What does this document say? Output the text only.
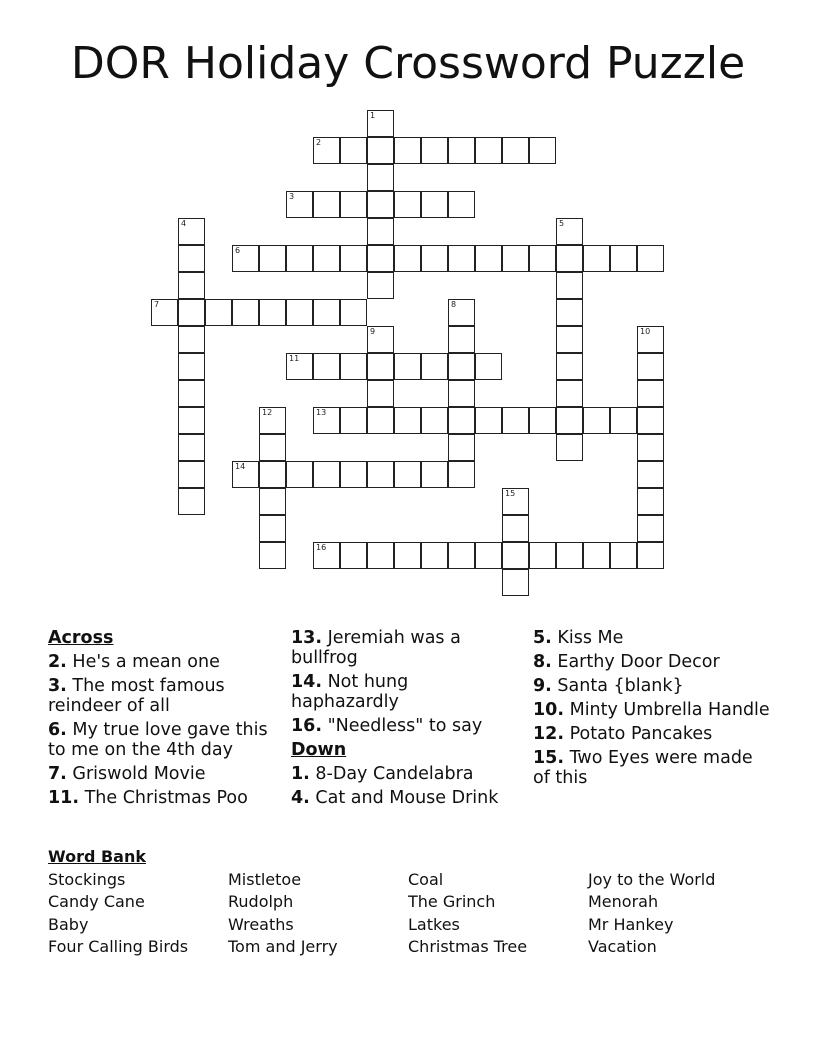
DOR Holiday Crossword Puzzle
1
2
3
4	5
6
7	8
9	10
11
12	13
14
15
16
Across
2. He's a mean one
3. The most famous reindeer of all
6. My true love gave this to me on the 4th day
7. Griswold Movie
11. The Christmas Poo
13. Jeremiah was a bullfrog
14. Not hung haphazardly
16. "Needless" to say
Down
1. 8-Day Candelabra
4. Cat and Mouse Drink
5. Kiss Me
8. Earthy Door Decor
9. Santa {blank}
10. Minty Umbrella Handle
12. Potato Pancakes
15. Two Eyes were made of this
Word Bank
Stockings
Candy Cane
Baby
Four Calling Birds
Mistletoe
Rudolph
Wreaths
Tom and Jerry
Coal
The Grinch
Latkes
Christmas Tree
Joy to the World
Menorah
Mr Hankey
Vacation
